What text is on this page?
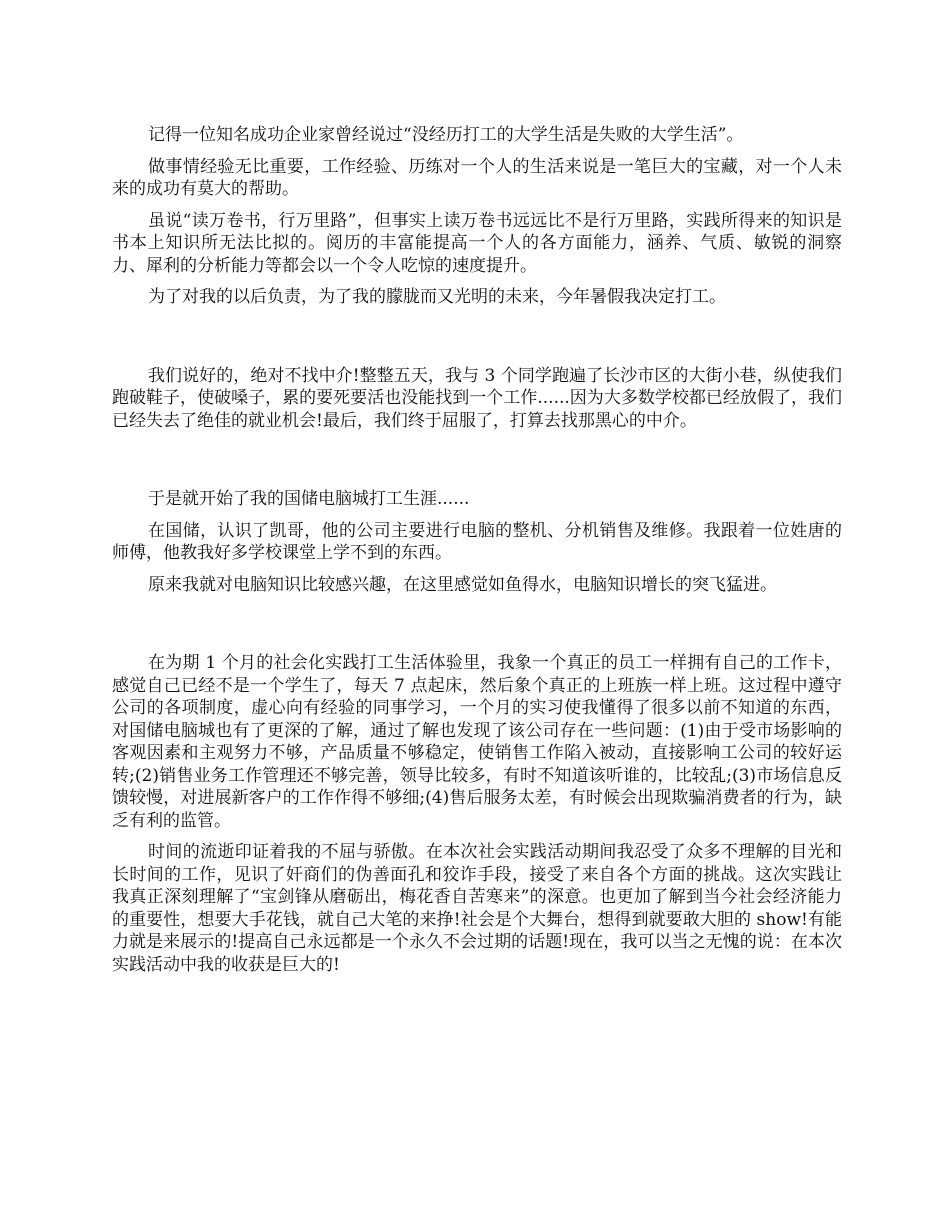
记得一位知名成功企业家曾经说过“没经历打工的大学生活是失败的大学生活”。

做事情经验无比重要，工作经验、历练对一个人的生活来说是一笔巨大的宝藏，对一个人未来的成功有莫大的帮助。

虽说“读万卷书，行万里路”，但事实上读万卷书远远比不是行万里路，实践所得来的知识是书本上知识所无法比拟的。阅历的丰富能提高一个人的各方面能力，涵养、气质、敏锐的洞察力、犀利的分析能力等都会以一个令人吃惊的速度提升。

为了对我的以后负责，为了我的朦胧而又光明的未来，今年暑假我决定打工。

我们说好的，绝对不找中介!整整五天，我与 3 个同学跑遍了长沙市区的大街小巷，纵使我们跑破鞋子，使破嗓子，累的要死要活也没能找到一个工作......因为大多数学校都已经放假了，我们已经失去了绝佳的就业机会!最后，我们终于屈服了，打算去找那黑心的中介。

于是就开始了我的国储电脑城打工生涯......

在国储，认识了凯哥，他的公司主要进行电脑的整机、分机销售及维修。我跟着一位姓唐的师傅，他教我好多学校课堂上学不到的东西。

原来我就对电脑知识比较感兴趣，在这里感觉如鱼得水，电脑知识增长的突飞猛进。

在为期 1 个月的社会化实践打工生活体验里，我象一个真正的员工一样拥有自己的工作卡，感觉自己已经不是一个学生了，每天 7 点起床，然后象个真正的上班族一样上班。这过程中遵守公司的各项制度，虚心向有经验的同事学习，一个月的实习使我懂得了很多以前不知道的东西，对国储电脑城也有了更深的了解，通过了解也发现了该公司存在一些问题：(1)由于受市场影响的客观因素和主观努力不够，产品质量不够稳定，使销售工作陷入被动，直接影响工公司的较好运转;(2)销售业务工作管理还不够完善，领导比较多，有时不知道该听谁的，比较乱;(3)市场信息反馈较慢，对进展新客户的工作作得不够细;(4)售后服务太差，有时候会出现欺骗消费者的行为，缺乏有利的监管。

时间的流逝印证着我的不屈与骄傲。在本次社会实践活动期间我忍受了众多不理解的目光和长时间的工作，见识了奸商们的伪善面孔和狡诈手段，接受了来自各个方面的挑战。这次实践让我真正深刻理解了“宝剑锋从磨砺出，梅花香自苦寒来”的深意。也更加了解到当今社会经济能力的重要性，想要大手花钱，就自己大笔的来挣!社会是个大舞台，想得到就要敢大胆的 show!有能力就是来展示的!提高自己永远都是一个永久不会过期的话题!现在，我可以当之无愧的说：在本次实践活动中我的收获是巨大的!
